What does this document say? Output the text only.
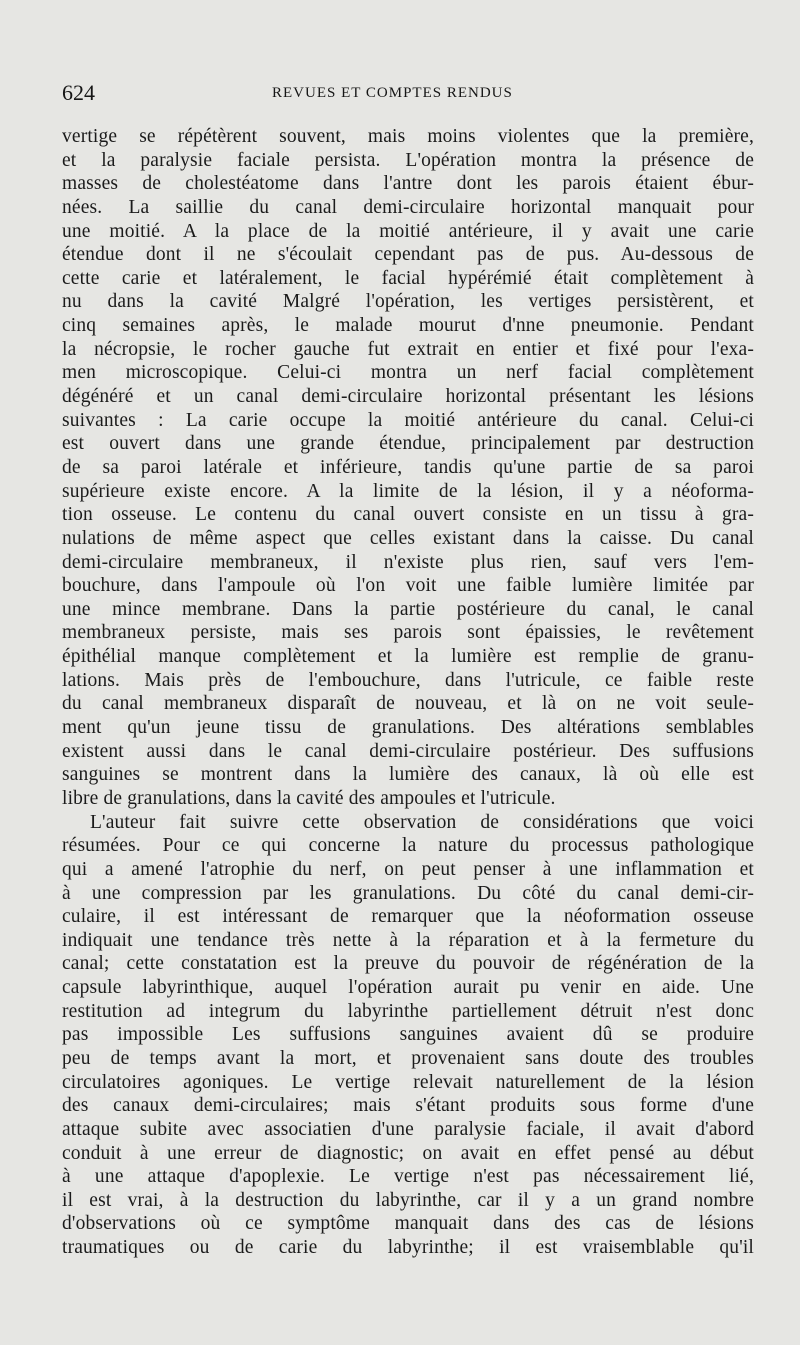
624	REVUES ET COMPTES RENDUS
vertige se répétèrent souvent, mais moins violentes que la première,
et la paralysie faciale persista. L'opération montra la présence de
masses de cholestéatome dans l'antre dont les parois étaient ébur-
nées. La saillie du canal demi-circulaire horizontal manquait pour
une moitié. A la place de la moitié antérieure, il y avait une carie
étendue dont il ne s'écoulait cependant pas de pus. Au-dessous de
cette carie et latéralement, le facial hypérémié était complètement à
nu dans la cavité Malgré l'opération, les vertiges persistèrent, et
cinq semaines après, le malade mourut d'nne pneumonie. Pendant
la nécropsie, le rocher gauche fut extrait en entier et fixé pour l'exa-
men microscopique. Celui-ci montra un nerf facial complètement
dégénéré et un canal demi-circulaire horizontal présentant les lésions
suivantes : La carie occupe la moitié antérieure du canal. Celui-ci
est ouvert dans une grande étendue, principalement par destruction
de sa paroi latérale et inférieure, tandis qu'une partie de sa paroi
supérieure existe encore. A la limite de la lésion, il y a néoforma-
tion osseuse. Le contenu du canal ouvert consiste en un tissu à gra-
nulations de même aspect que celles existant dans la caisse. Du canal
demi-circulaire membraneux, il n'existe plus rien, sauf vers l'em-
bouchure, dans l'ampoule où l'on voit une faible lumière limitée par
une mince membrane. Dans la partie postérieure du canal, le canal
membraneux persiste, mais ses parois sont épaissies, le revêtement
épithélial manque complètement et la lumière est remplie de granu-
lations. Mais près de l'embouchure, dans l'utricule, ce faible reste
du canal membraneux disparaît de nouveau, et là on ne voit seule-
ment qu'un jeune tissu de granulations. Des altérations semblables
existent aussi dans le canal demi-circulaire postérieur. Des suffusions
sanguines se montrent dans la lumière des canaux, là où elle est
libre de granulations, dans la cavité des ampoules et l'utricule.
L'auteur fait suivre cette observation de considérations que voici
résumées. Pour ce qui concerne la nature du processus pathologique
qui a amené l'atrophie du nerf, on peut penser à une inflammation et
à une compression par les granulations. Du côté du canal demi-cir-
culaire, il est intéressant de remarquer que la néoformation osseuse
indiquait une tendance très nette à la réparation et à la fermeture du
canal; cette constatation est la preuve du pouvoir de régénération de la
capsule labyrinthique, auquel l'opération aurait pu venir en aide. Une
restitution ad integrum du labyrinthe partiellement détruit n'est donc
pas impossible Les suffusions sanguines avaient dû se produire
peu de temps avant la mort, et provenaient sans doute des troubles
circulatoires agoniques. Le vertige relevait naturellement de la lésion
des canaux demi-circulaires; mais s'étant produits sous forme d'une
attaque subite avec associatien d'une paralysie faciale, il avait d'abord
conduit à une erreur de diagnostic; on avait en effet pensé au début
à une attaque d'apoplexie. Le vertige n'est pas nécessairement lié,
il est vrai, à la destruction du labyrinthe, car il y a un grand nombre
d'observations où ce symptôme manquait dans des cas de lésions
traumatiques ou de carie du labyrinthe; il est vraisemblable qu'il
